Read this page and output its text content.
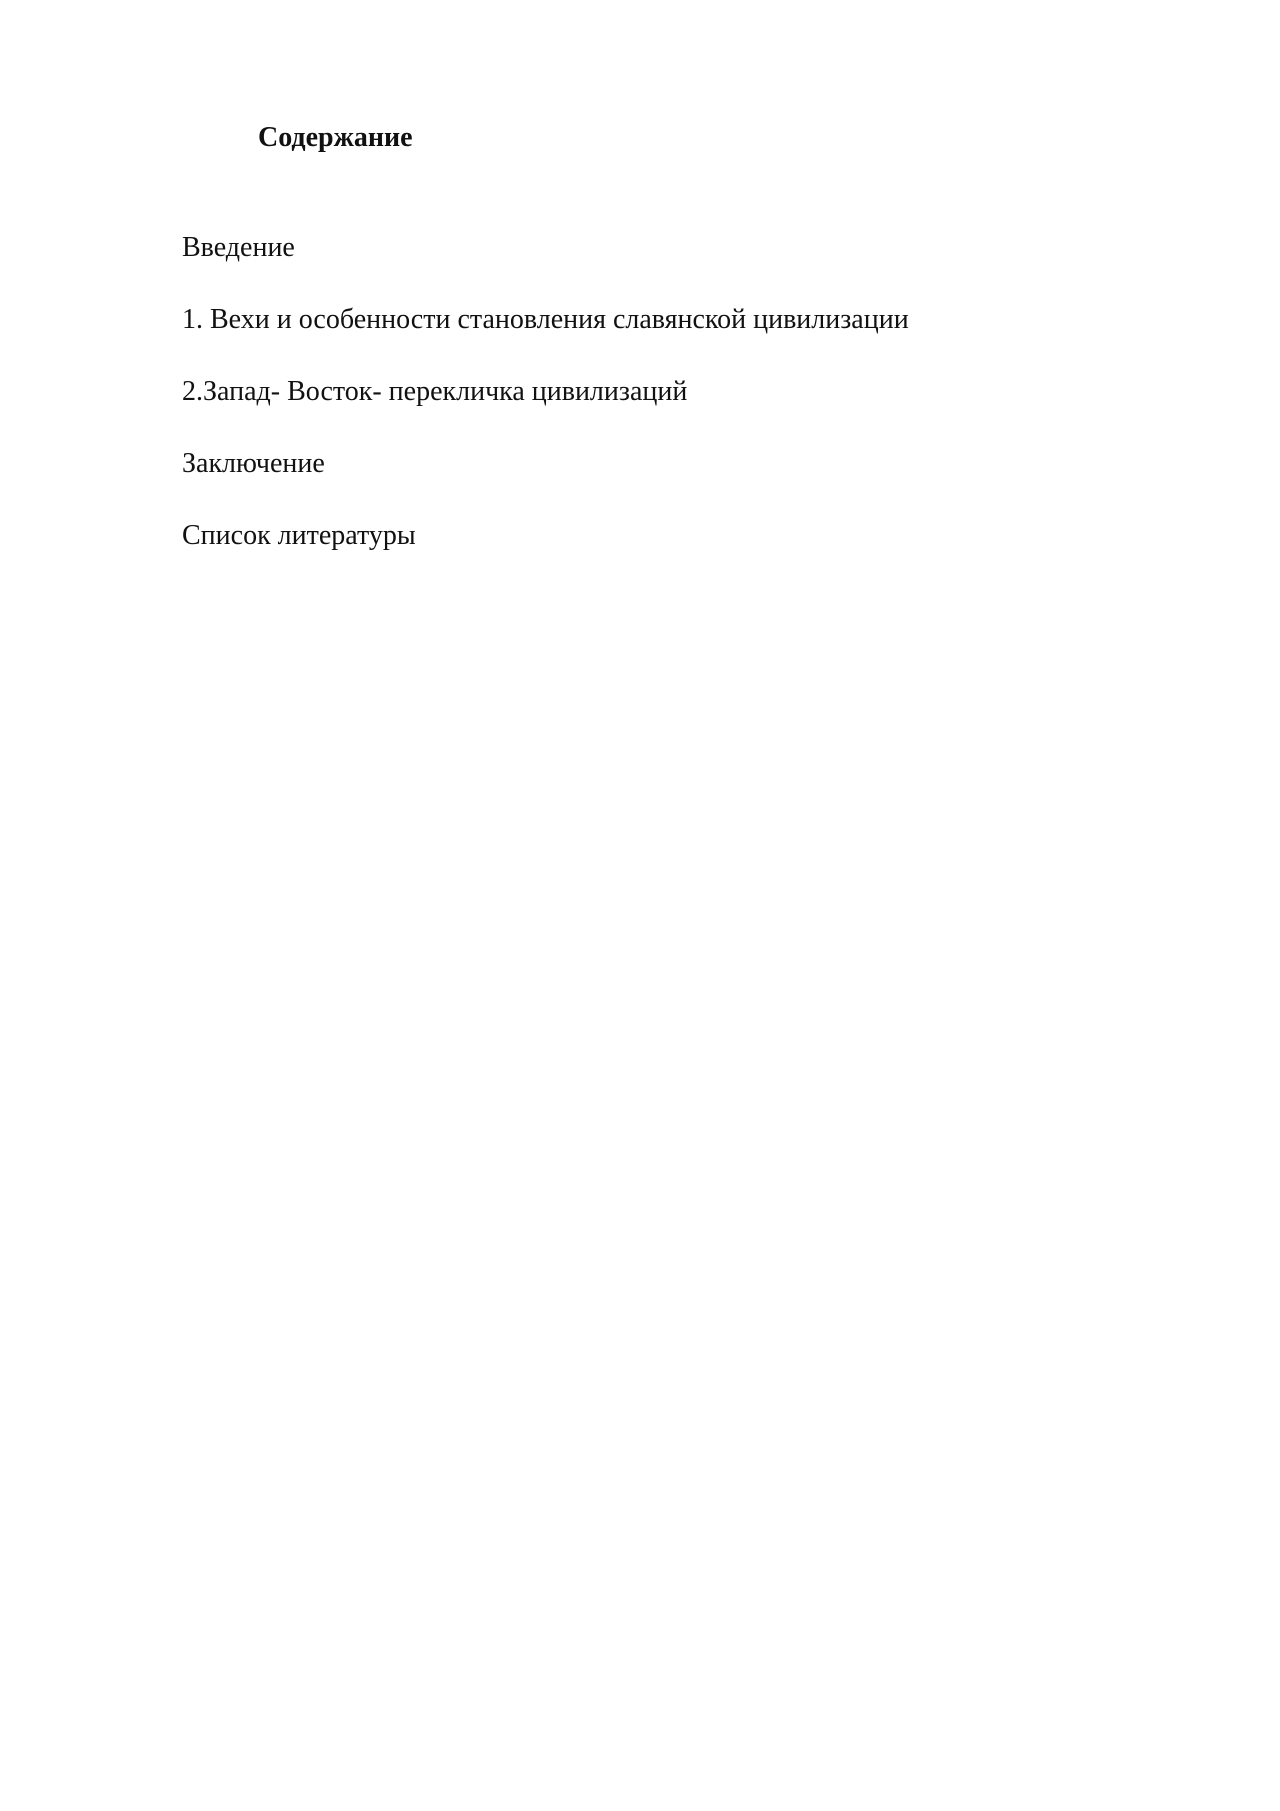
Содержание
Введение
1. Вехи и особенности становления славянской цивилизации
2.Запад- Восток- перекличка цивилизаций
Заключение
Список литературы
